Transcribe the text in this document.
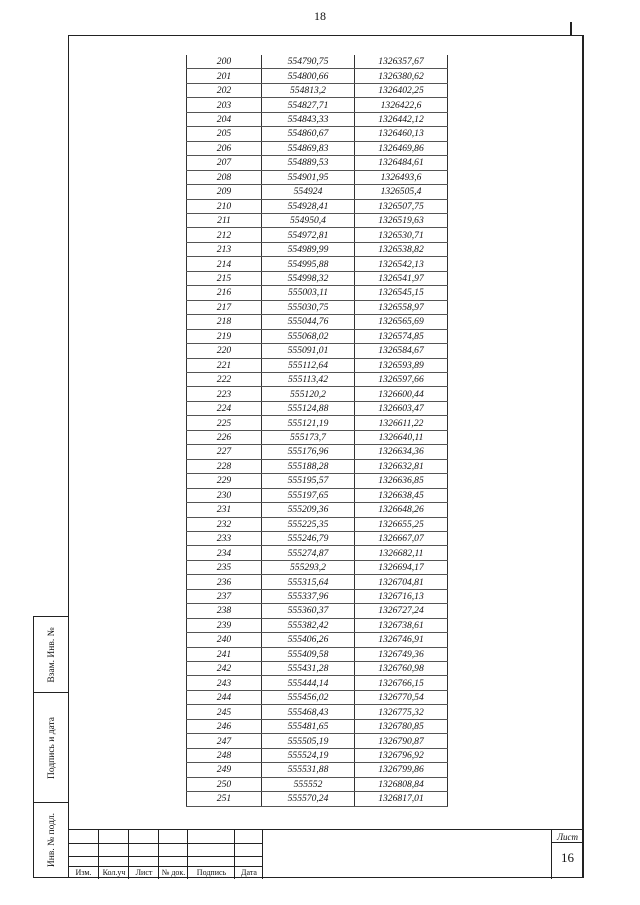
18
Взам. Инв. №
Подпись и дата
Инв. № подл.
200	554790,75	1326357,67
201	554800,66	1326380,62
202	554813,2	1326402,25
203	554827,71	1326422,6
204	554843,33	1326442,12
205	554860,67	1326460,13
206	554869,83	1326469,86
207	554889,53	1326484,61
208	554901,95	1326493,6
209	554924	1326505,4
210	554928,41	1326507,75
211	554950,4	1326519,63
212	554972,81	1326530,71
213	554989,99	1326538,82
214	554995,88	1326542,13
215	554998,32	1326541,97
216	555003,11	1326545,15
217	555030,75	1326558,97
218	555044,76	1326565,69
219	555068,02	1326574,85
220	555091,01	1326584,67
221	555112,64	1326593,89
222	555113,42	1326597,66
223	555120,2	1326600,44
224	555124,88	1326603,47
225	555121,19	1326611,22
226	555173,7	1326640,11
227	555176,96	1326634,36
228	555188,28	1326632,81
229	555195,57	1326636,85
230	555197,65	1326638,45
231	555209,36	1326648,26
232	555225,35	1326655,25
233	555246,79	1326667,07
234	555274,87	1326682,11
235	555293,2	1326694,17
236	555315,64	1326704,81
237	555337,96	1326716,13
238	555360,37	1326727,24
239	555382,42	1326738,61
240	555406,26	1326746,91
241	555409,58	1326749,36
242	555431,28	1326760,98
243	555444,14	1326766,15
244	555456,02	1326770,54
245	555468,43	1326775,32
246	555481,65	1326780,85
247	555505,19	1326790,87
248	555524,19	1326796,92
249	555531,88	1326799,86
250	555552	1326808,84
251	555570,24	1326817,01
Изм.	Кол.уч	Лист	№ док.	Подпись	Дата
Лист
16
